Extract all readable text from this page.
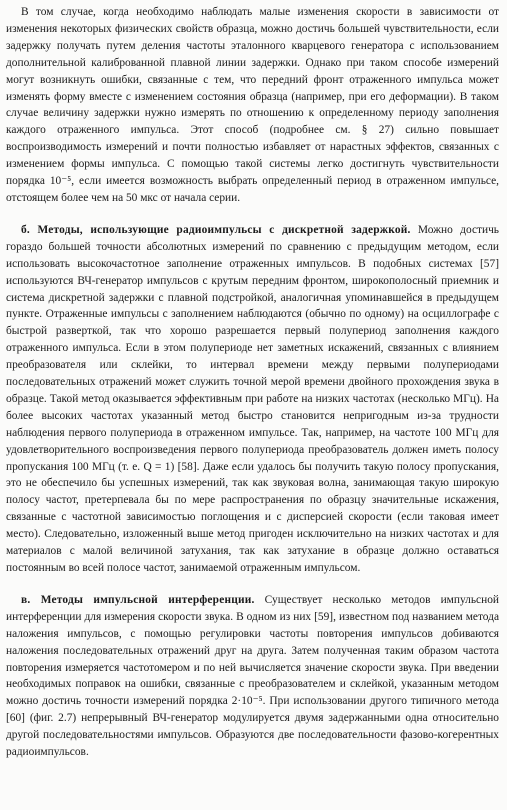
В том случае, когда необходимо наблюдать малые изменения скорости в зависимости от изменения некоторых физических свойств образца, можно достичь большей чувствительности, если задержку получать путем деления частоты эталонного кварцевого генератора с использованием дополнительной калиброванной плавной линии задержки. Однако при таком способе измерений могут возникнуть ошибки, связанные с тем, что передний фронт отраженного импульса может изменять форму вместе с изменением состояния образца (например, при его деформации). В таком случае величину задержки нужно измерять по отношению к определенному периоду заполнения каждого отраженного импульса. Этот способ (подробнее см. § 27) сильно повышает воспроизводимость измерений и почти полностью избавляет от нарастных эффектов, связанных с изменением формы импульса. С помощью такой системы легко достигнуть чувствительности порядка 10⁻⁵, если имеется возможность выбрать определенный период в отраженном импульсе, отстоящем более чем на 50 мкс от начала серии.

б. Методы, использующие радиоимпульсы с дискретной задержкой. Можно достичь гораздо большей точности абсолютных измерений по сравнению с предыдущим методом, если использовать высокочастотное заполнение отраженных импульсов. В подобных системах [57] используются ВЧ-генератор импульсов с крутым передним фронтом, широкополосный приемник и система дискретной задержки с плавной подстройкой, аналогичная упоминавшейся в предыдущем пункте. Отраженные импульсы с заполнением наблюдаются (обычно по одному) на осциллографе с быстрой разверткой, так что хорошо разрешается первый полупериод заполнения каждого отраженного импульса. Если в этом полупериоде нет заметных искажений, связанных с влиянием преобразователя или склейки, то интервал времени между первыми полупериодами последовательных отражений может служить точной мерой времени двойного прохождения звука в образце. Такой метод оказывается эффективным при работе на низких частотах (несколько МГц). На более высоких частотах указанный метод быстро становится непригодным из-за трудности наблюдения первого полупериода в отраженном импульсе. Так, например, на частоте 100 МГц для удовлетворительного воспроизведения первого полупериода преобразователь должен иметь полосу пропускания 100 МГц (т. е. Q = 1) [58]. Даже если удалось бы получить такую полосу пропускания, это не обеспечило бы успешных измерений, так как звуковая волна, занимающая такую широкую полосу частот, претерпевала бы по мере распространения по образцу значительные искажения, связанные с частотной зависимостью поглощения и с дисперсией скорости (если таковая имеет место). Следовательно, изложенный выше метод пригоден исключительно на низких частотах и для материалов с малой величиной затухания, так как затухание в образце должно оставаться постоянным во всей полосе частот, занимаемой отраженным импульсом.

в. Методы импульсной интерференции. Существует несколько методов импульсной интерференции для измерения скорости звука. В одном из них [59], известном под названием метода наложения импульсов, с помощью регулировки частоты повторения импульсов добиваются наложения последовательных отражений друг на друга. Затем полученная таким образом частота повторения измеряется частотомером и по ней вычисляется значение скорости звука. При введении необходимых поправок на ошибки, связанные с преобразователем и склейкой, указанным методом можно достичь точности измерений порядка 2·10⁻⁵. При использовании другого типичного метода [60] (фиг. 2.7) непрерывный ВЧ-генератор модулируется двумя задержанными одна относительно другой последовательностями импульсов. Образуются две последовательности фазово-когерентных радиоимпульсов.
